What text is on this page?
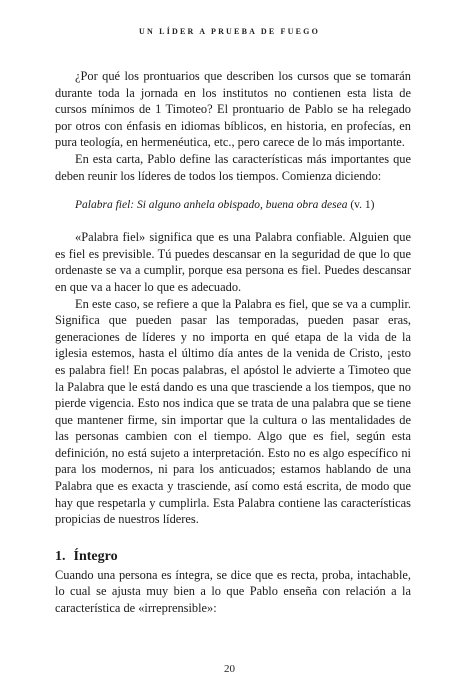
UN LÍDER A PRUEBA DE FUEGO

¿Por qué los prontuarios que describen los cursos que se tomarán durante toda la jornada en los institutos no contienen esta lista de cursos mínimos de 1 Timoteo? El prontuario de Pablo se ha relegado por otros con énfasis en idiomas bíblicos, en historia, en profecías, en pura teología, en hermenéutica, etc., pero carece de lo más importante.

En esta carta, Pablo define las características más importantes que deben reunir los líderes de todos los tiempos. Comienza diciendo:

Palabra fiel: Si alguno anhela obispado, buena obra desea (v. 1)

«Palabra fiel» significa que es una Palabra confiable. Alguien que es fiel es previsible. Tú puedes descansar en la seguridad de que lo que ordenaste se va a cumplir, porque esa persona es fiel. Puedes descansar en que va a hacer lo que es adecuado.

En este caso, se refiere a que la Palabra es fiel, que se va a cumplir. Significa que pueden pasar las temporadas, pueden pasar eras, generaciones de líderes y no importa en qué etapa de la vida de la iglesia estemos, hasta el último día antes de la venida de Cristo, ¡esto es palabra fiel! En pocas palabras, el apóstol le advierte a Timoteo que la Palabra que le está dando es una que trasciende a los tiempos, que no pierde vigencia. Esto nos indica que se trata de una palabra que se tiene que mantener firme, sin importar que la cultura o las mentalidades de las personas cambien con el tiempo. Algo que es fiel, según esta definición, no está sujeto a interpretación. Esto no es algo específico ni para los modernos, ni para los anticuados; estamos hablando de una Palabra que es exacta y trasciende, así como está escrita, de modo que hay que respetarla y cumplirla. Esta Palabra contiene las características propicias de nuestros líderes.

1. Íntegro

Cuando una persona es íntegra, se dice que es recta, proba, intachable, lo cual se ajusta muy bien a lo que Pablo enseña con relación a la característica de «irreprensible»:

20
